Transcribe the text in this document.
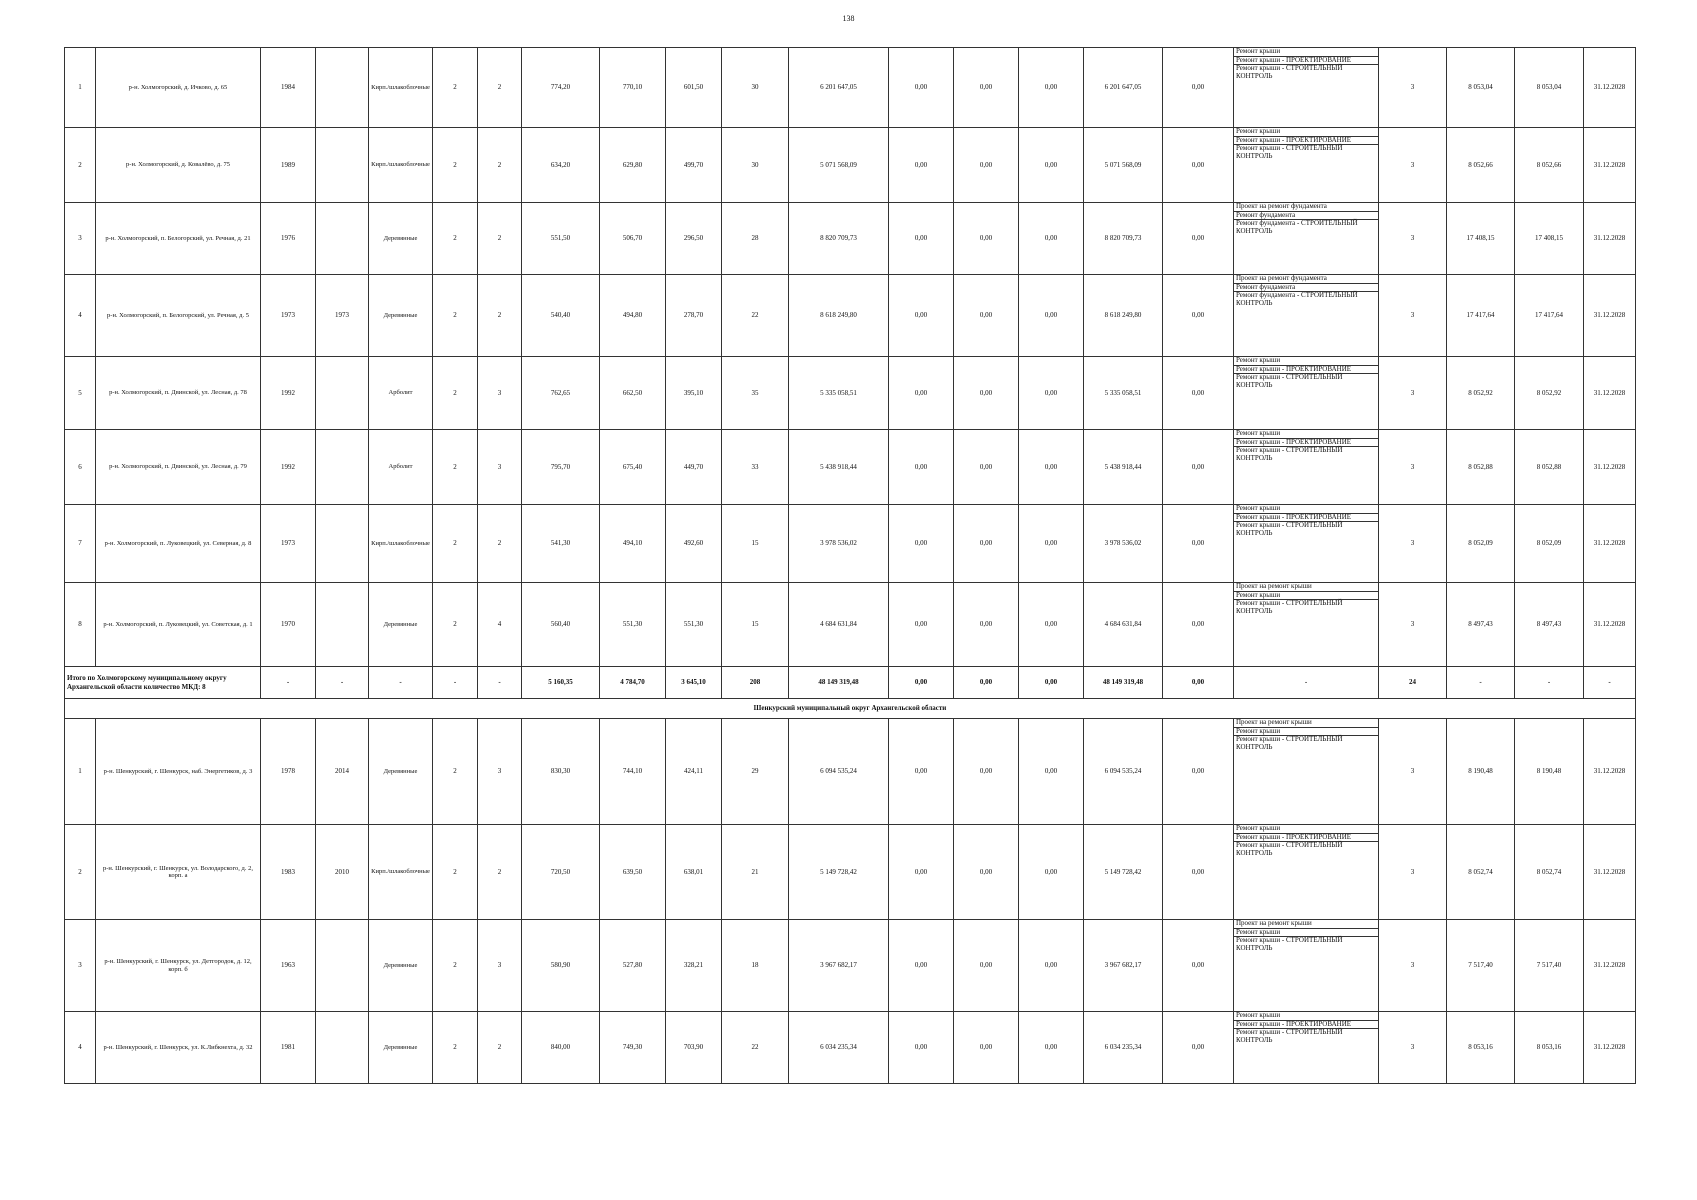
138
1	р-н. Холмогорский, д. Ичково, д. 65	1984		Кирп./шлакоблочные	2	2	774,20	770,10	601,50	30	6 201 647,05	0,00	0,00	0,00	6 201 647,05	0,00	Ремонт крыши
Ремонт крыши - ПРОЕКТИРОВАНИЕ
Ремонт крыши - СТРОИТЕЛЬНЫЙ КОНТРОЛЬ	3	8 053,04	8 053,04	31.12.2028
2	р-н. Холмогорский, д. Ковалёво, д. 75	1989		Кирп./шлакоблочные	2	2	634,20	629,80	499,70	30	5 071 568,09	0,00	0,00	0,00	5 071 568,09	0,00	Ремонт крыши
Ремонт крыши - ПРОЕКТИРОВАНИЕ
Ремонт крыши - СТРОИТЕЛЬНЫЙ КОНТРОЛЬ	3	8 052,66	8 052,66	31.12.2028
3	р-н. Холмогорский, п. Белогорский, ул. Речная, д. 21	1976		Деревянные	2	2	551,50	506,70	296,50	28	8 820 709,73	0,00	0,00	0,00	8 820 709,73	0,00	Проект на ремонт фундамента
Ремонт фундамента
Ремонт фундамента - СТРОИТЕЛЬНЫЙ КОНТРОЛЬ	3	17 408,15	17 408,15	31.12.2028
4	р-н. Холмогорский, п. Белогорский, ул. Речная, д. 5	1973	1973	Деревянные	2	2	540,40	494,80	278,70	22	8 618 249,80	0,00	0,00	0,00	8 618 249,80	0,00	Проект на ремонт фундамента
Ремонт фундамента
Ремонт фундамента - СТРОИТЕЛЬНЫЙ КОНТРОЛЬ	3	17 417,64	17 417,64	31.12.2028
5	р-н. Холмогорский, п. Двинской, ул. Лесная, д. 78	1992		Арболит	2	3	762,65	662,50	395,10	35	5 335 058,51	0,00	0,00	0,00	5 335 058,51	0,00	Ремонт крыши
Ремонт крыши - ПРОЕКТИРОВАНИЕ
Ремонт крыши - СТРОИТЕЛЬНЫЙ КОНТРОЛЬ	3	8 052,92	8 052,92	31.12.2028
6	р-н. Холмогорский, п. Двинской, ул. Лесная, д. 79	1992		Арболит	2	3	795,70	675,40	449,70	33	5 438 918,44	0,00	0,00	0,00	5 438 918,44	0,00	Ремонт крыши
Ремонт крыши - ПРОЕКТИРОВАНИЕ
Ремонт крыши - СТРОИТЕЛЬНЫЙ КОНТРОЛЬ	3	8 052,88	8 052,88	31.12.2028
7	р-н. Холмогорский, п. Луковецкий, ул. Северная, д. 8	1973		Кирп./шлакоблочные	2	2	541,30	494,10	492,60	15	3 978 536,02	0,00	0,00	0,00	3 978 536,02	0,00	Ремонт крыши
Ремонт крыши - ПРОЕКТИРОВАНИЕ
Ремонт крыши - СТРОИТЕЛЬНЫЙ КОНТРОЛЬ	3	8 052,09	8 052,09	31.12.2028
8	р-н. Холмогорский, п. Луковецкий, ул. Советская, д. 1	1970		Деревянные	2	4	560,40	551,30	551,30	15	4 684 631,84	0,00	0,00	0,00	4 684 631,84	0,00	Проект на ремонт крыши
Ремонт крыши
Ремонт крыши - СТРОИТЕЛЬНЫЙ КОНТРОЛЬ	3	8 497,43	8 497,43	31.12.2028
Итого по Холмогорскому муниципальному округу Архангельской области количество МКД: 8		-	-	-	-	-	5 160,35	4 784,70	3 645,10	208	48 149 319,48	0,00	0,00	0,00	48 149 319,48	0,00	-	24	-	-	-
Шенкурский муниципальный округ Архангельской области																					
1	р-н. Шенкурский, г. Шенкурск, наб. Энергетиков, д. 3	1978	2014	Деревянные	2	3	830,30	744,10	424,11	29	6 094 535,24	0,00	0,00	0,00	6 094 535,24	0,00	Проект на ремонт крыши
Ремонт крыши
Ремонт крыши - СТРОИТЕЛЬНЫЙ КОНТРОЛЬ	3	8 190,48	8 190,48	31.12.2028
2	р-н. Шенкурский, г. Шенкурск, ул. Володарского, д. 2, корп. а	1983	2010	Кирп./шлакоблочные	2	2	720,50	639,50	638,01	21	5 149 728,42	0,00	0,00	0,00	5 149 728,42	0,00	Ремонт крыши
Ремонт крыши - ПРОЕКТИРОВАНИЕ
Ремонт крыши - СТРОИТЕЛЬНЫЙ КОНТРОЛЬ	3	8 052,74	8 052,74	31.12.2028
3	р-н. Шенкурский, г. Шенкурск, ул. Детгородок, д. 12, корп. б	1963		Деревянные	2	3	580,90	527,80	328,21	18	3 967 682,17	0,00	0,00	0,00	3 967 682,17	0,00	Проект на ремонт крыши
Ремонт крыши
Ремонт крыши - СТРОИТЕЛЬНЫЙ КОНТРОЛЬ	3	7 517,40	7 517,40	31.12.2028
4	р-н. Шенкурский, г. Шенкурск, ул. К.Либкнехта, д. 32	1981		Деревянные	2	2	840,00	749,30	703,90	22	6 034 235,34	0,00	0,00	0,00	6 034 235,34	0,00	Ремонт крыши
Ремонт крыши - ПРОЕКТИРОВАНИЕ
Ремонт крыши - СТРОИТЕЛЬНЫЙ КОНТРОЛЬ	3	8 053,16	8 053,16	31.12.2028
